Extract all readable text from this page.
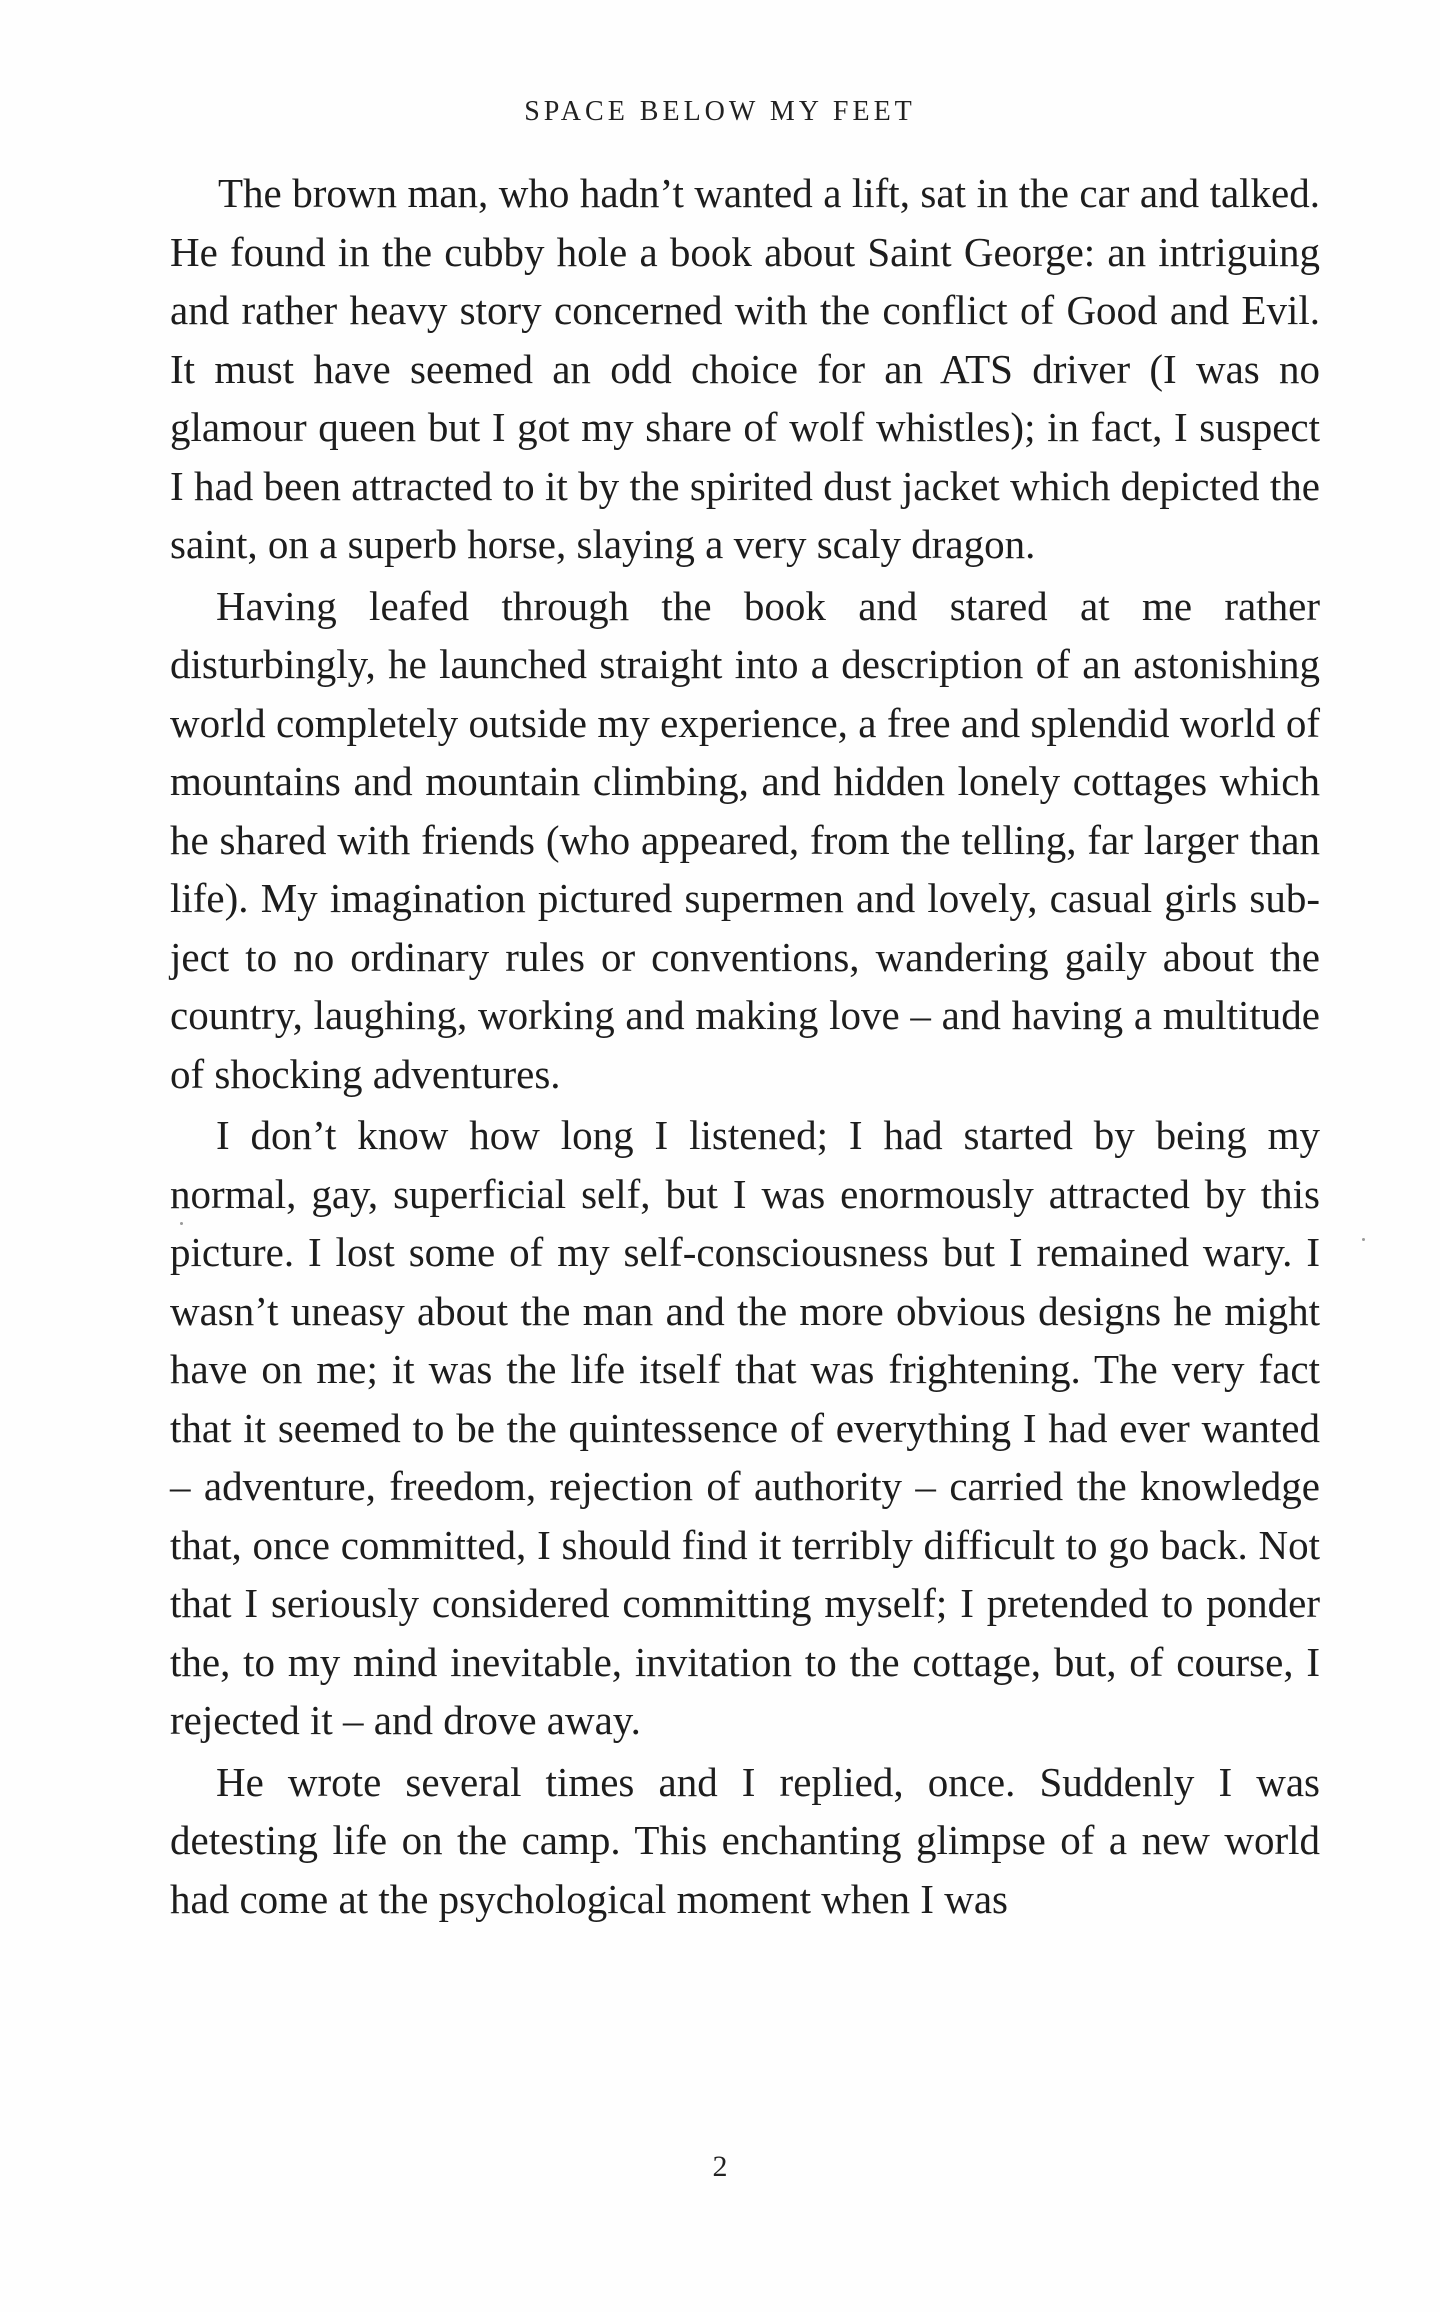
SPACE BELOW MY FEET

The brown man, who hadn’t wanted a lift, sat in the car and talked. He found in the cubby hole a book about Saint George: an intriguing and rather heavy story concerned with the conflict of Good and Evil. It must have seemed an odd choice for an ATS driver (I was no glamour queen but I got my share of wolf whistles); in fact, I suspect I had been attracted to it by the spirited dust jacket which depicted the saint, on a superb horse, slaying a very scaly dragon.

Having leafed through the book and stared at me rather disturbingly, he launched straight into a description of an astonishing world completely outside my experience, a free and splendid world of mountains and mountain climbing, and hidden lonely cottages which he shared with friends (who appeared, from the telling, far larger than life). My imagination pictured supermen and lovely, casual girls subject to no ordinary rules or conventions, wandering gaily about the country, laughing, working and making love – and having a multitude of shocking adventures.

I don’t know how long I listened; I had started by being my normal, gay, superficial self, but I was enormously attracted by this picture. I lost some of my self-consciousness but I remained wary. I wasn’t uneasy about the man and the more obvious designs he might have on me; it was the life itself that was frightening. The very fact that it seemed to be the quintessence of everything I had ever wanted – adventure, freedom, rejection of authority – carried the knowledge that, once committed, I should find it terribly difficult to go back. Not that I seriously considered committing myself; I pretended to ponder the, to my mind inevitable, invitation to the cottage, but, of course, I rejected it – and drove away.

He wrote several times and I replied, once. Suddenly I was detesting life on the camp. This enchanting glimpse of a new world had come at the psychological moment when I was

2
